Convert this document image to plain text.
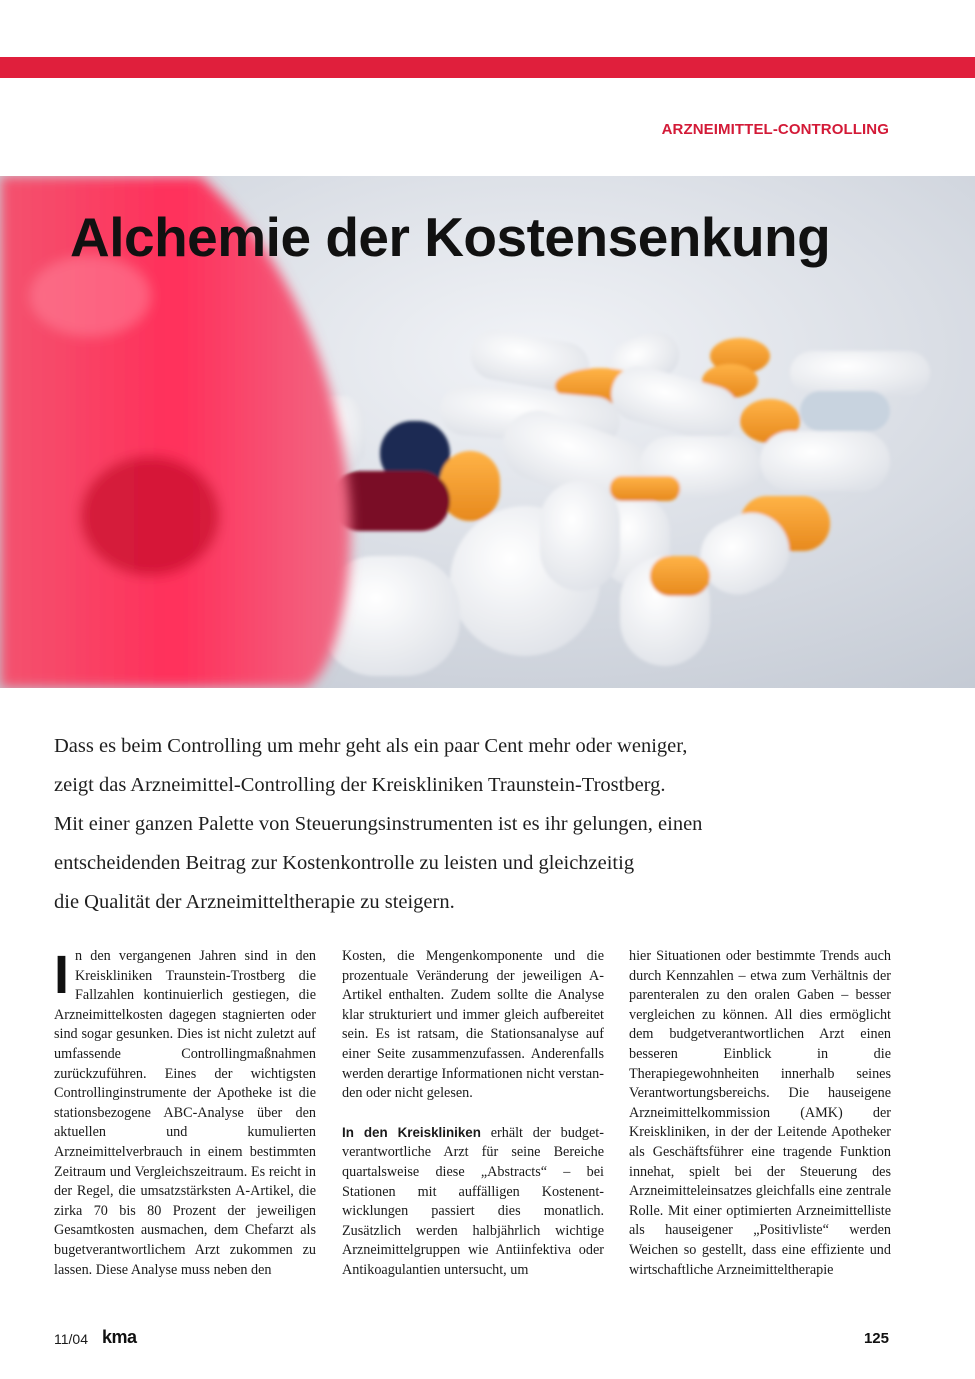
ARZNEIMITTEL-CONTROLLING
Alchemie der Kostensenkung
Dass es beim Controlling um mehr geht als ein paar Cent mehr oder weniger,
zeigt das Arzneimittel-Controlling der Kreiskliniken Traunstein-Trostberg.
Mit einer ganzen Palette von Steuerungsinstrumenten ist es ihr gelungen, einen
entscheidenden Beitrag zur Kostenkontrolle zu leisten und gleichzeitig
die Qualität der Arzneimitteltherapie zu steigern.

In den vergangenen Jahren sind in den Kreiskliniken Traunstein-Trostberg die Fallzahlen kontinuierlich gestiegen, die Arzneimittelkosten dagegen stagnierten oder sind sogar gesunken. Dies ist nicht zuletzt auf umfassende Controllingmaßnahmen zurückzuführen. Eines der wichtigsten Controllinginstrumente der Apotheke ist die stationsbezogene ABC-Analyse über den aktuellen und kumulierten Arzneimittelverbrauch in einem bestimmten Zeitraum und Vergleichszeitraum. Es reicht in der Regel, die umsatzstärksten A-Artikel, die zirka 70 bis 80 Prozent der jeweiligen Gesamtkosten ausmachen, dem Chefarzt als bugetverantwortlichem Arzt zukommen zu lassen. Diese Analyse muss neben den

Kosten, die Mengenkomponente und die prozentuale Veränderung der jeweiligen A-Artikel enthalten. Zudem sollte die Analyse klar strukturiert und immer gleich aufbereitet sein. Es ist ratsam, die Stationsanalyse auf einer Seite zusammenzufassen. Anderenfalls werden derartige Informationen nicht verstanden oder nicht gelesen.

In den Kreiskliniken erhält der budgetverantwortliche Arzt für seine Bereiche quartalsweise diese „Abstracts“ – bei Stationen mit auffälligen Kostenentwicklungen passiert dies monatlich. Zusätzlich werden halbjährlich wichtige Arzneimittelgruppen wie Antiinfektiva oder Antikoagulantien untersucht, um

hier Situationen oder bestimmte Trends auch durch Kennzahlen – etwa zum Verhältnis der parenteralen zu den oralen Gaben – besser vergleichen zu können. All dies ermöglicht dem budgetverantwortlichen Arzt einen besseren Einblick in die Therapiegewohnheiten innerhalb seines Verantwortungsbereichs. Die hauseigene Arzneimittelkommission (AMK) der Kreiskliniken, in der der Leitende Apotheker als Geschäftsführer eine tragende Funktion innehat, spielt bei der Steuerung des Arzneimitteleinsatzes gleichfalls eine zentrale Rolle. Mit einer optimierten Arzneimittelliste als hauseigener „Positivliste“ werden Weichen so gestellt, dass eine effiziente und wirtschaftliche Arzneimitteltherapie

11/04 kma	125
